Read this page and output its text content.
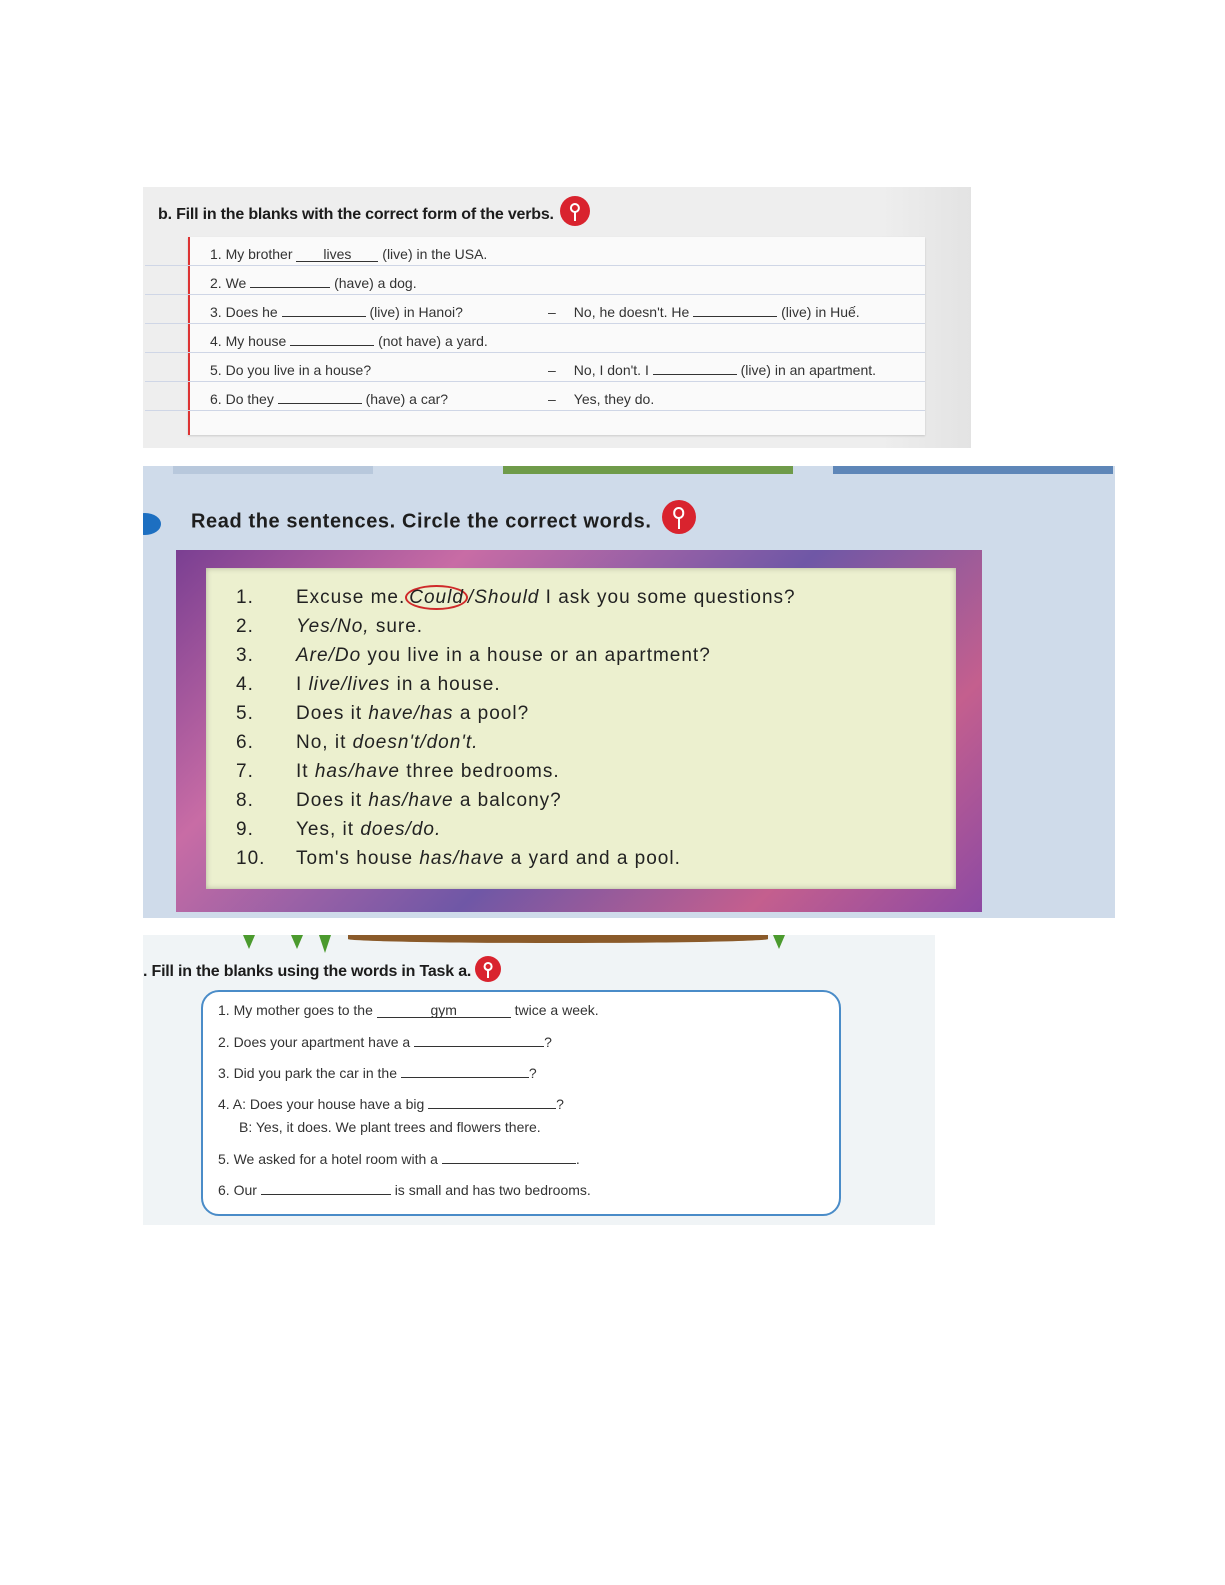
b. Fill in the blanks with the correct form of the verbs.
1. My brother lives (live) in the USA.
2. We	(have) a dog.
3. Does he	(live) in Hanoi?	– No, he doesn't. He	(live) in Huế.
4. My house	(not have) a yard.
5. Do you live in a house?	– No, I don't. I	(live) in an apartment.
6. Do they	(have) a car?	– Yes, they do.
Read the sentences. Circle the correct words.
1.	Excuse me. Could /Should I ask you some questions?
2.	Yes/No, sure.
3.	Are/Do you live in a house or an apartment?
4.	I live/lives in a house.
5.	Does it have/has a pool?
6.	No, it doesn't/don't.
7.	It has/have three bedrooms.
8.	Does it has/have a balcony?
9.	Yes, it does/do.
10.	Tom's house has/have a yard and a pool.
. Fill in the blanks using the words in Task a.
1. My mother goes to the	gym	twice a week.
2. Does your apartment have a	?
3. Did you park the car in the	?
4. A: Does your house have a big	?
B: Yes, it does. We plant trees and flowers there.
5. We asked for a hotel room with a	.
6. Our	is small and has two bedrooms.
